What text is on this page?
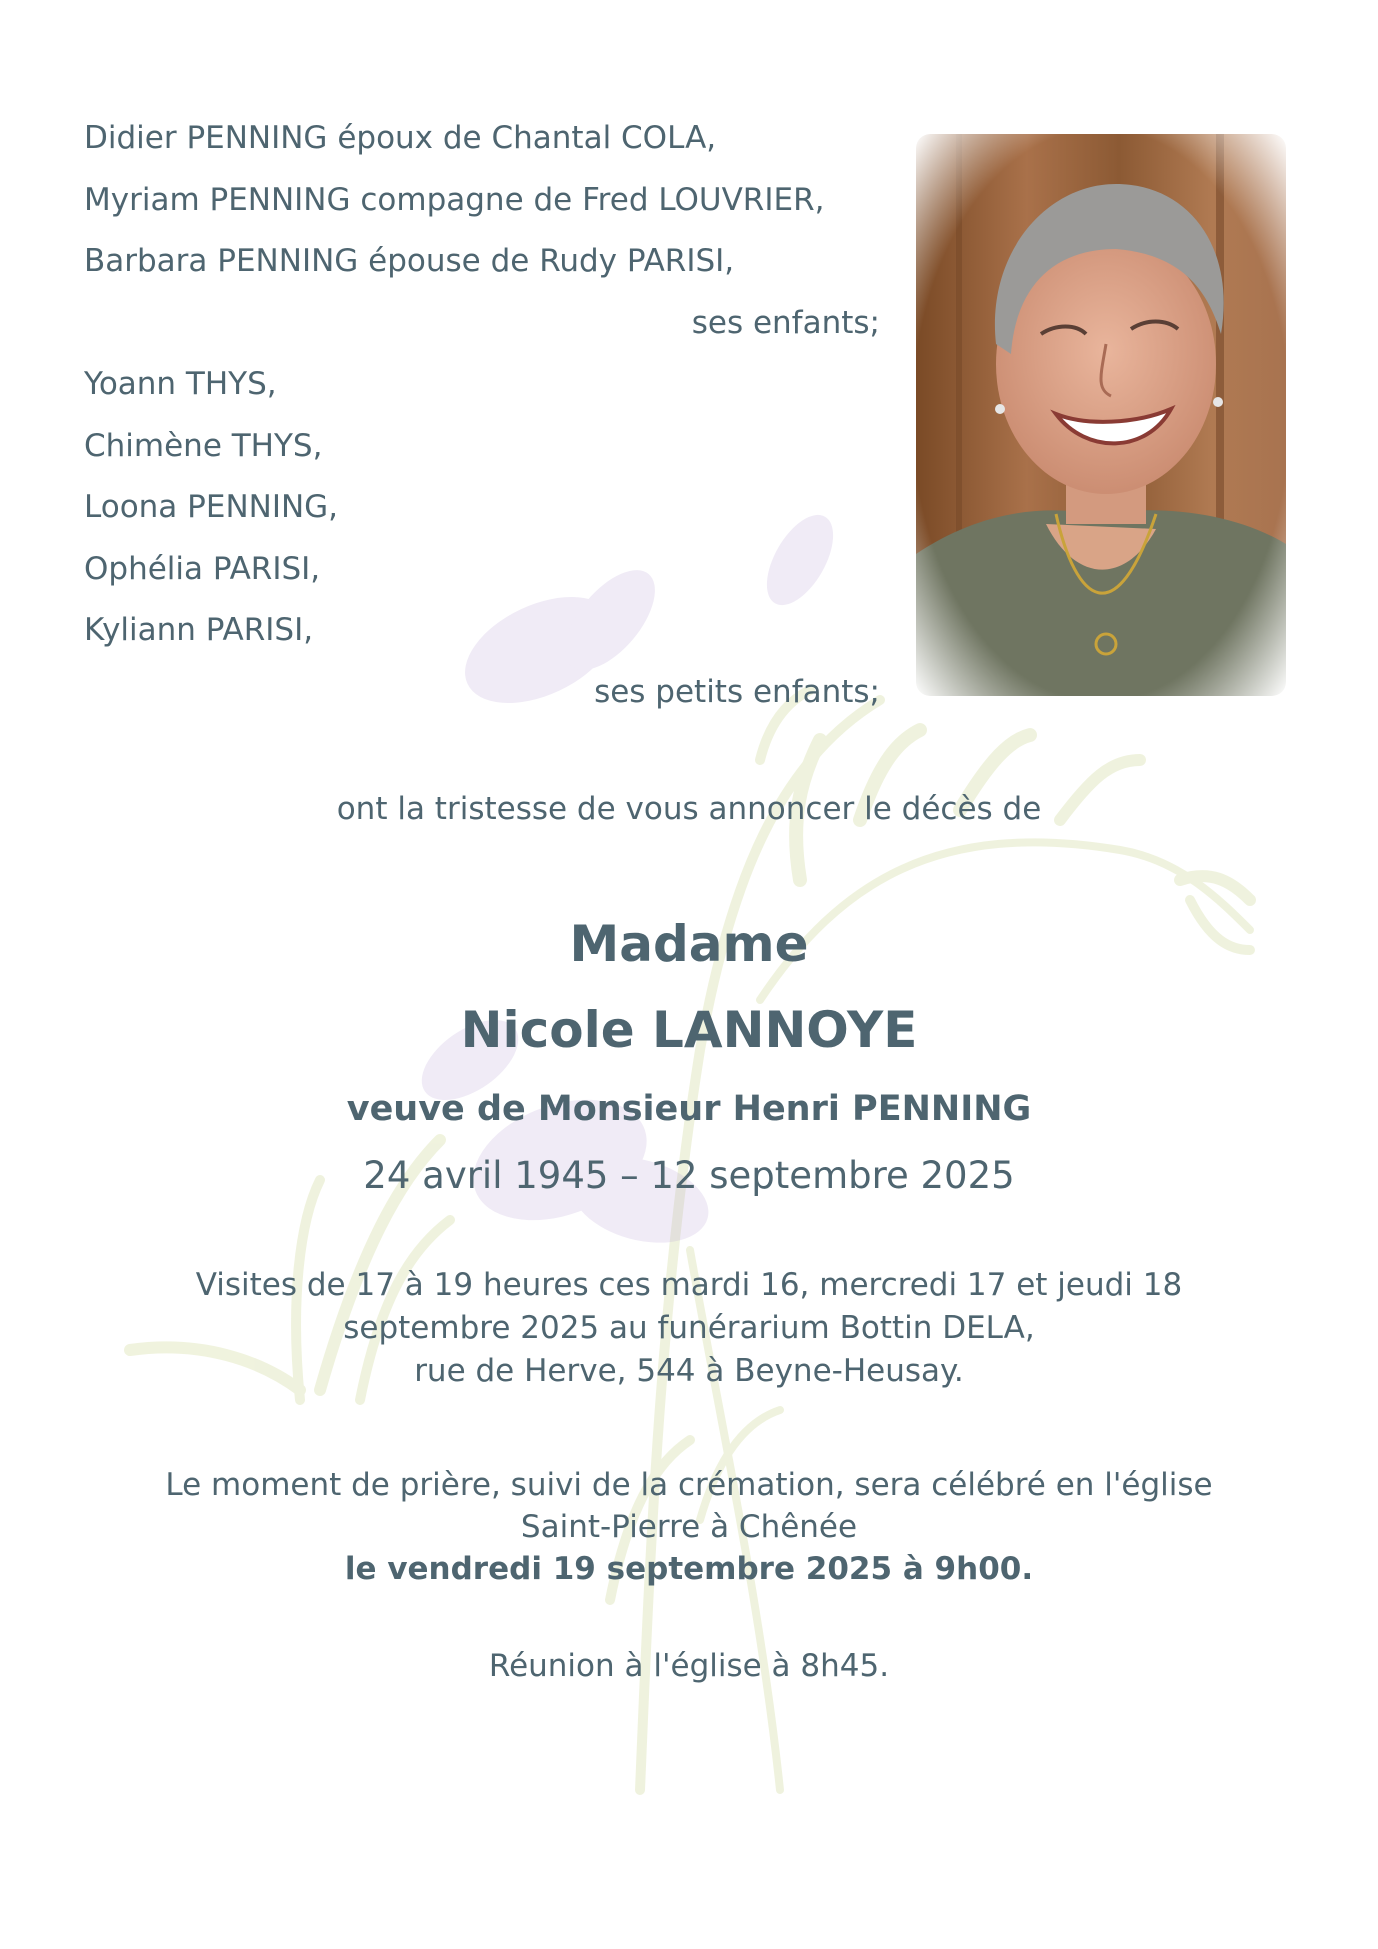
Didier PENNING époux de Chantal COLA,
Myriam PENNING compagne de Fred LOUVRIER,
Barbara PENNING épouse de Rudy PARISI,
ses enfants;
Yoann THYS,
Chimène THYS,
Loona PENNING,
Ophélia PARISI,
Kyliann PARISI,
ses petits enfants;
ont la tristesse de vous annoncer le décès de
Madame
Nicole LANNOYE
veuve de Monsieur Henri PENNING
24 avril 1945 – 12 septembre 2025
Visites de 17 à 19 heures ces mardi 16, mercredi 17 et jeudi 18
septembre 2025 au funérarium Bottin DELA,
rue de Herve, 544 à Beyne-Heusay.
Le moment de prière, suivi de la crémation, sera célébré en l'église
Saint-Pierre à Chênée
le vendredi 19 septembre 2025 à 9h00.
Réunion à l'église à 8h45.
